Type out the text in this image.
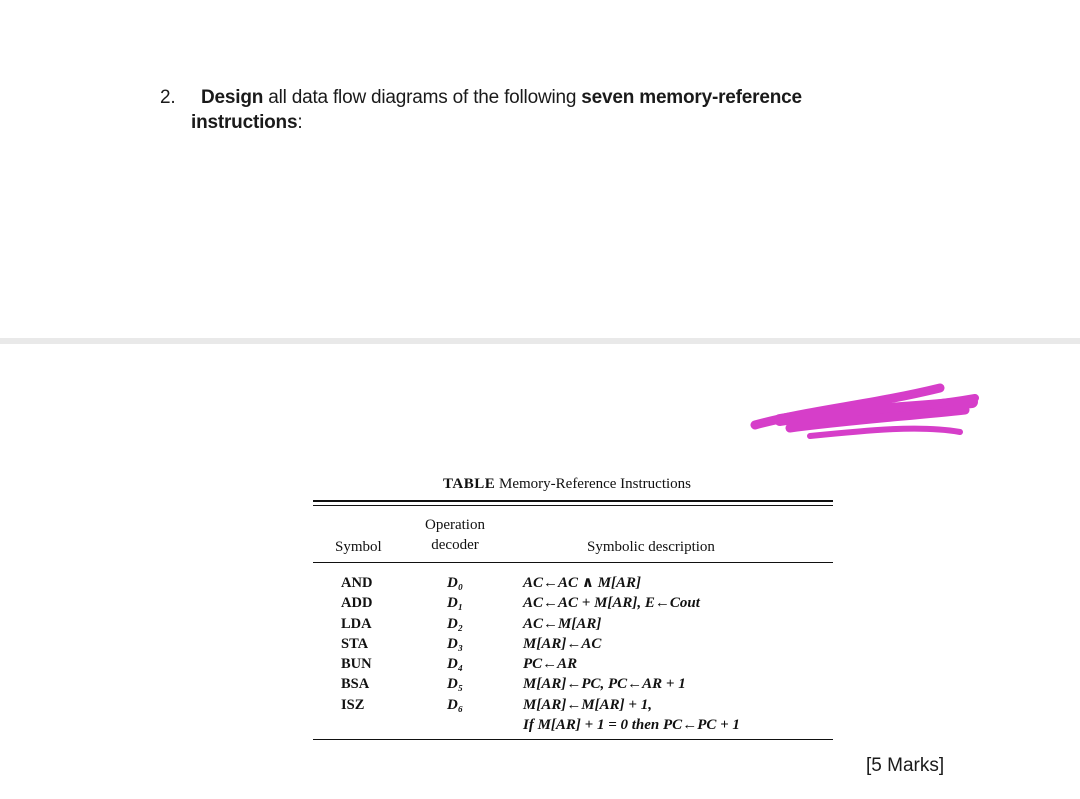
2. Design all data flow diagrams of the following seven memory-reference
instructions:
TABLE Memory-Reference Instructions
Symbol
Operation
decoder	Symbolic description
AND
ADD
LDA
STA
BUN
BSA
ISZ
D₀
D₁
D₂
D₃
D₄
D₅
D₆
AC←AC ∧ M[AR]
AC←AC + M[AR], E←Cout
AC←M[AR]
M[AR]←AC
PC←AR
M[AR]←PC, PC←AR + 1
M[AR]←M[AR] + 1,
If M[AR] + 1 = 0 then PC←PC + 1
[5 Marks]
